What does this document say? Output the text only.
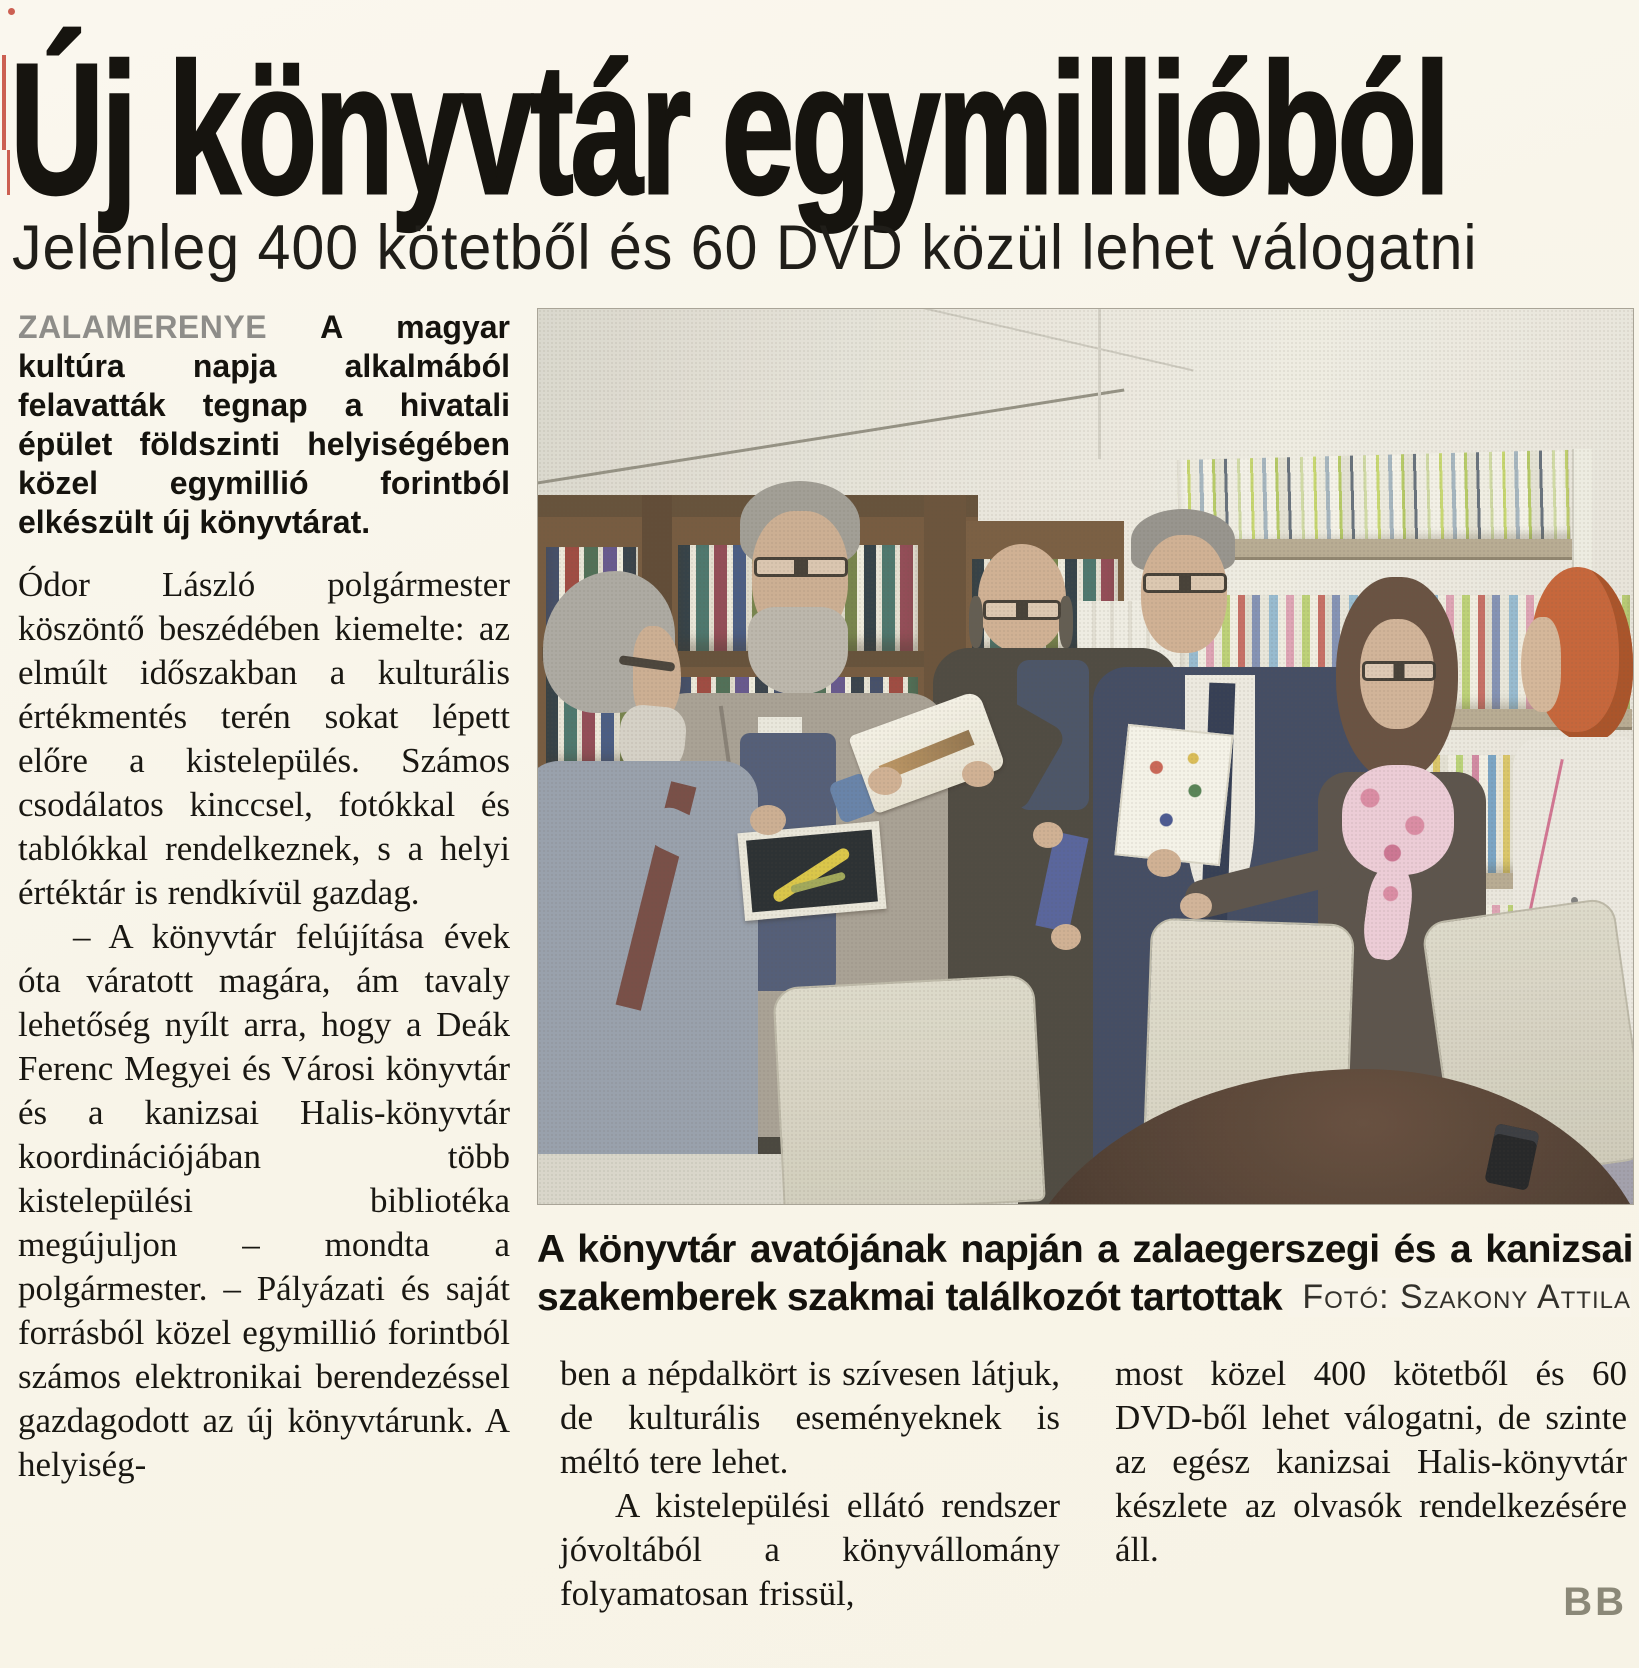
Új könyvtár egymillióból
Jelenleg 400 kötetből és 60 DVD közül lehet válogatni

ZALAMERENYE A magyar kultúra napja alkalmából felavatták tegnap a hivatali épület földszinti helyiségében közel egymillió forintból elkészült új könyvtárat.

Ódor László polgármester köszöntő beszédében kiemelte: az elmúlt időszakban a kulturális értékmentés terén sokat lépett előre a kistelepülés. Számos csodálatos kinccsel, fotókkal és tablókkal rendelkeznek, s a helyi értéktár is rendkívül gazdag.

– A könyvtár felújítása évek óta váratott magára, ám tavaly lehetőség nyílt arra, hogy a Deák Ferenc Megyei és Városi könyvtár és a kanizsai Halis-könyvtár koordinációjában több kistelepülési bibliotéka megújuljon – mondta a polgármester. – Pályázati és saját forrásból közel egymillió forintból számos elektronikai berendezéssel gazdagodott az új könyvtárunk. A helyiség-

A könyvtár avatójának napján a zalaegerszegi és a kanizsai szakemberek szakmai találkozót tartottak Fotó: Szakony Attila

ben a népdalkört is szívesen látjuk, de kulturális eseményeknek is méltó tere lehet.

A kistelepülési ellátó rendszer jóvoltából a könyvállomány folyamatosan frissül,

most közel 400 kötetből és 60 DVD-ből lehet válogatni, de szinte az egész kanizsai Halis-könyvtár készlete az olvasók rendelkezésére áll.

BB
